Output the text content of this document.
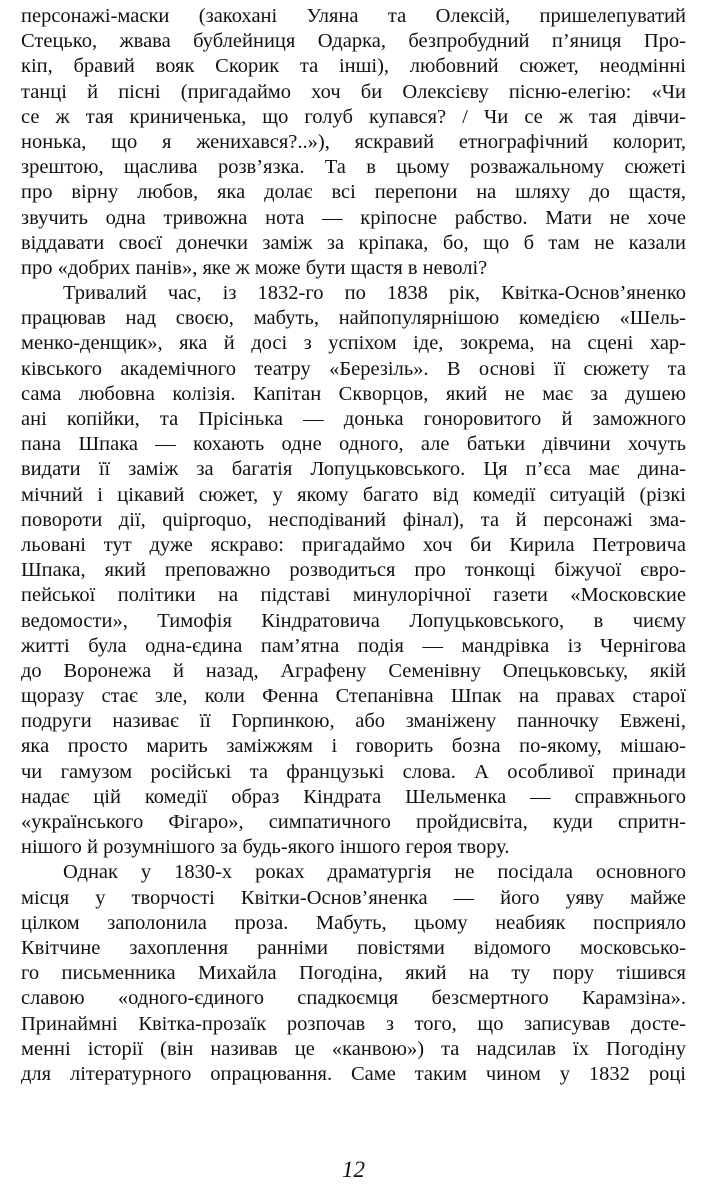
персонажі-маски (закохані Уляна та Олексій, пришелепуватий
Стецько, жвава бублейниця Одарка, безпробудний п’яниця Про-
кіп, бравий вояк Скорик та інші), любовний сюжет, неодмінні
танці й пісні (пригадаймо хоч би Олексієву пісню-елегію: «Чи
се ж тая криниченька, що голуб купався? / Чи се ж тая дівчи-
нонька, що я женихався?..»), яскравий етнографічний колорит,
зрештою, щаслива розв’язка. Та в цьому розважальному сюжеті
про вірну любов, яка долає всі перепони на шляху до щастя,
звучить одна тривожна нота — кріпосне рабство. Мати не хоче
віддавати своєї донечки заміж за кріпака, бо, що б там не казали
про «добрих панів», яке ж може бути щастя в неволі?
Тривалий час, із 1832-го по 1838 рік, Квітка-Основ’яненко
працював над своєю, мабуть, найпопулярнішою комедією «Шель-
менко-денщик», яка й досі з успіхом іде, зокрема, на сцені хар-
ківського академічного театру «Березіль». В основі її сюжету та
сама любовна колізія. Капітан Скворцов, який не має за душею
ані копійки, та Прісінька — донька гоноровитого й заможного
пана Шпака — кохають одне одного, але батьки дівчини хочуть
видати її заміж за багатія Лопуцьковського. Ця п’єса має дина-
мічний і цікавий сюжет, у якому багато від комедії ситуацій (різкі
повороти дії, quiproquo, несподіваний фінал), та й персонажі зма-
льовані тут дуже яскраво: пригадаймо хоч би Кирила Петровича
Шпака, який преповажно розводиться про тонкощі біжучої євро-
пейської політики на підставі минулорічної газети «Московские
ведомости», Тимофія Кіндратовича Лопуцьковського, в чиєму
житті була одна-єдина пам’ятна подія — мандрівка із Чернігова
до Воронежа й назад, Аграфену Семенівну Опецьковську, якій
щоразу стає зле, коли Фенна Степанівна Шпак на правах старої
подруги називає її Горпинкою, або зманіжену панночку Евжені,
яка просто марить заміжжям і говорить бозна по-якому, мішаю-
чи гамузом російські та французькі слова. А особливої принади
надає цій комедії образ Кіндрата Шельменка — справжнього
«українського Фігаро», симпатичного пройдисвіта, куди спритн-
нішого й розумнішого за будь-якого іншого героя твору.
Однак у 1830-х роках драматургія не посідала основного
місця у творчості Квітки-Основ’яненка — його уяву майже
цілком заполонила проза. Мабуть, цьому неабияк посприяло
Квітчине захоплення ранніми повістями відомого московсько-
го письменника Михайла Погодіна, який на ту пору тішився
славою «одного-єдиного спадкоємця безсмертного Карамзіна».
Принаймні Квітка-прозаїк розпочав з того, що записував достe-
менні історії (він називав це «канвою») та надсилав їх Погодіну
для літературного опрацювання. Саме таким чином у 1832 році
12
